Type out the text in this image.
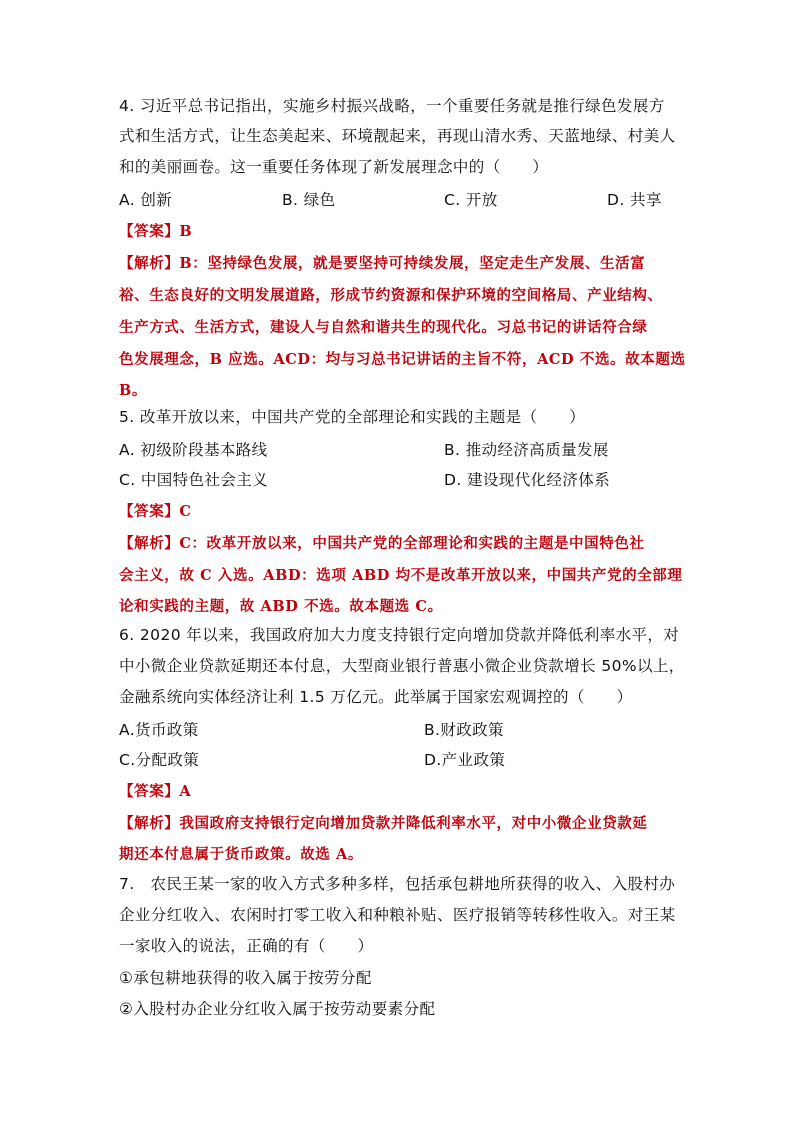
4. 习近平总书记指出，实施乡村振兴战略，一个重要任务就是推行绿色发展方
式和生活方式，让生态美起来、环境靓起来，再现山清水秀、天蓝地绿、村美人
和的美丽画卷。这一重要任务体现了新发展理念中的（　　）
A. 创新	B. 绿色	C. 开放	D. 共享
【答案】B
【解析】B：坚持绿色发展，就是要坚持可持续发展，坚定走生产发展、生活富
裕、生态良好的文明发展道路，形成节约资源和保护环境的空间格局、产业结构、
生产方式、生活方式，建设人与自然和谐共生的现代化。习总书记的讲话符合绿
色发展理念，B 应选。ACD：均与习总书记讲话的主旨不符，ACD 不选。故本题选
B。
5. 改革开放以来，中国共产党的全部理论和实践的主题是（　　）
A. 初级阶段基本路线	B. 推动经济高质量发展
C. 中国特色社会主义	D. 建设现代化经济体系
【答案】C
【解析】C：改革开放以来，中国共产党的全部理论和实践的主题是中国特色社
会主义，故 C 入选。ABD：选项 ABD 均不是改革开放以来，中国共产党的全部理
论和实践的主题，故 ABD 不选。故本题选 C。
6. 2020 年以来，我国政府加大力度支持银行定向增加贷款并降低利率水平，对
中小微企业贷款延期还本付息，大型商业银行普惠小微企业贷款增长 50%以上，
金融系统向实体经济让利 1.5 万亿元。此举属于国家宏观调控的（　　）
A.货币政策	B.财政政策
C.分配政策	D.产业政策
【答案】A
【解析】我国政府支持银行定向增加贷款并降低利率水平，对中小微企业贷款延
期还本付息属于货币政策。故选 A。
7.　农民王某一家的收入方式多种多样，包括承包耕地所获得的收入、入股村办
企业分红收入、农闲时打零工收入和种粮补贴、医疗报销等转移性收入。对王某
一家收入的说法，正确的有（　　）
①承包耕地获得的收入属于按劳分配
②入股村办企业分红收入属于按劳动要素分配
